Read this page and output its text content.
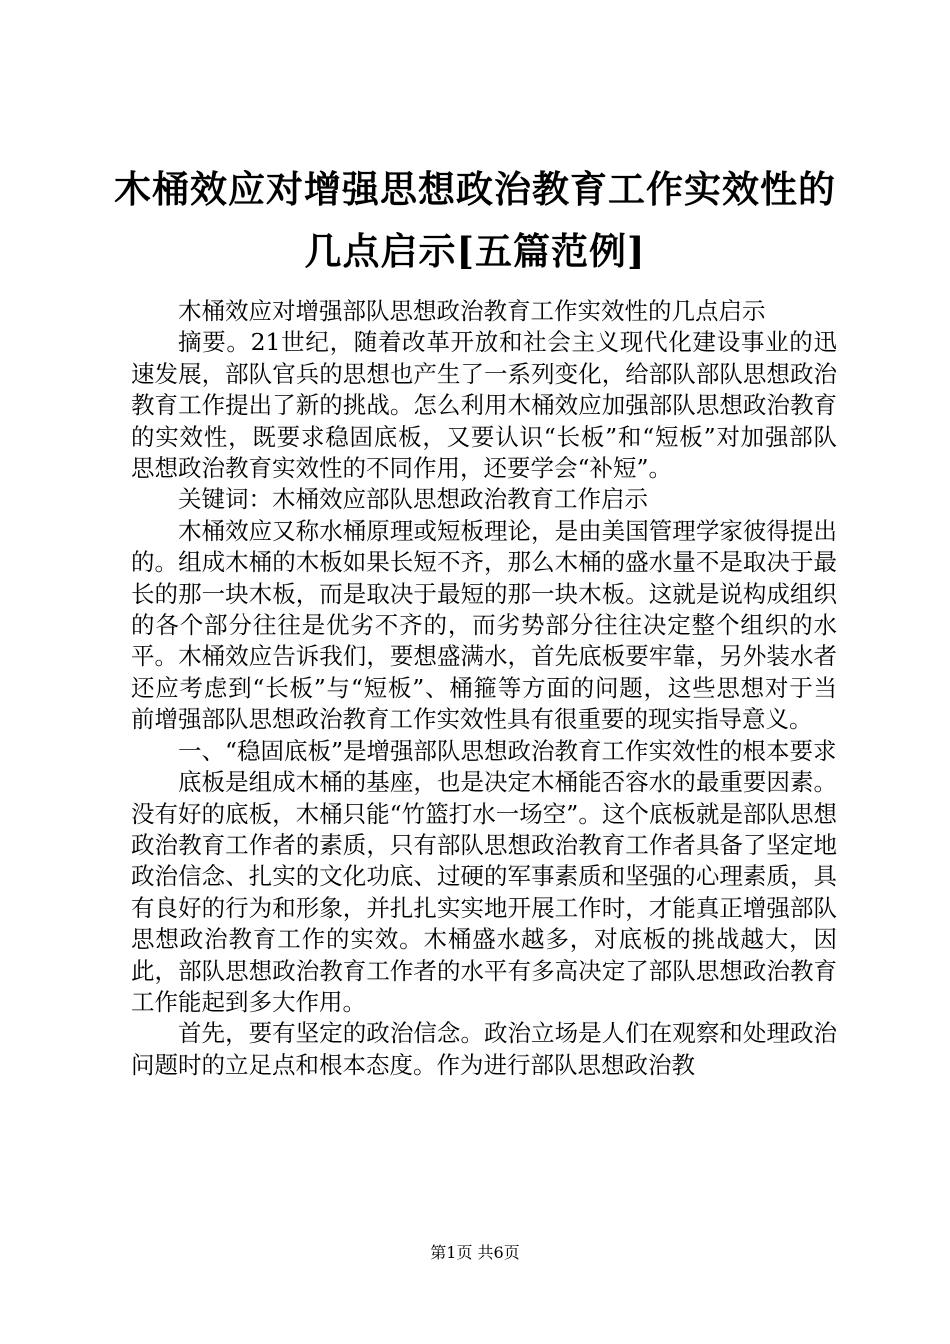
木桶效应对增强思想政治教育工作实效性的几点启示[五篇范例]

木桶效应对增强部队思想政治教育工作实效性的几点启示

摘要。21世纪，随着改革开放和社会主义现代化建设事业的迅速发展，部队官兵的思想也产生了一系列变化，给部队部队思想政治教育工作提出了新的挑战。怎么利用木桶效应加强部队思想政治教育的实效性，既要求稳固底板，又要认识“长板”和“短板”对加强部队思想政治教育实效性的不同作用，还要学会“补短”。

关键词：木桶效应部队思想政治教育工作启示

木桶效应又称水桶原理或短板理论，是由美国管理学家彼得提出的。组成木桶的木板如果长短不齐，那么木桶的盛水量不是取决于最长的那一块木板，而是取决于最短的那一块木板。这就是说构成组织的各个部分往往是优劣不齐的，而劣势部分往往决定整个组织的水平。木桶效应告诉我们，要想盛满水，首先底板要牢靠，另外装水者还应考虑到“长板”与“短板”、桶箍等方面的问题，这些思想对于当前增强部队思想政治教育工作实效性具有很重要的现实指导意义。

一、“稳固底板”是增强部队思想政治教育工作实效性的根本要求

底板是组成木桶的基座，也是决定木桶能否容水的最重要因素。没有好的底板，木桶只能“竹篮打水一场空”。这个底板就是部队思想政治教育工作者的素质，只有部队思想政治教育工作者具备了坚定地政治信念、扎实的文化功底、过硬的军事素质和坚强的心理素质，具有良好的行为和形象，并扎扎实实地开展工作时，才能真正增强部队思想政治教育工作的实效。木桶盛水越多，对底板的挑战越大，因此，部队思想政治教育工作者的水平有多高决定了部队思想政治教育工作能起到多大作用。

首先，要有坚定的政治信念。政治立场是人们在观察和处理政治问题时的立足点和根本态度。作为进行部队思想政治教

第1页 共6页
